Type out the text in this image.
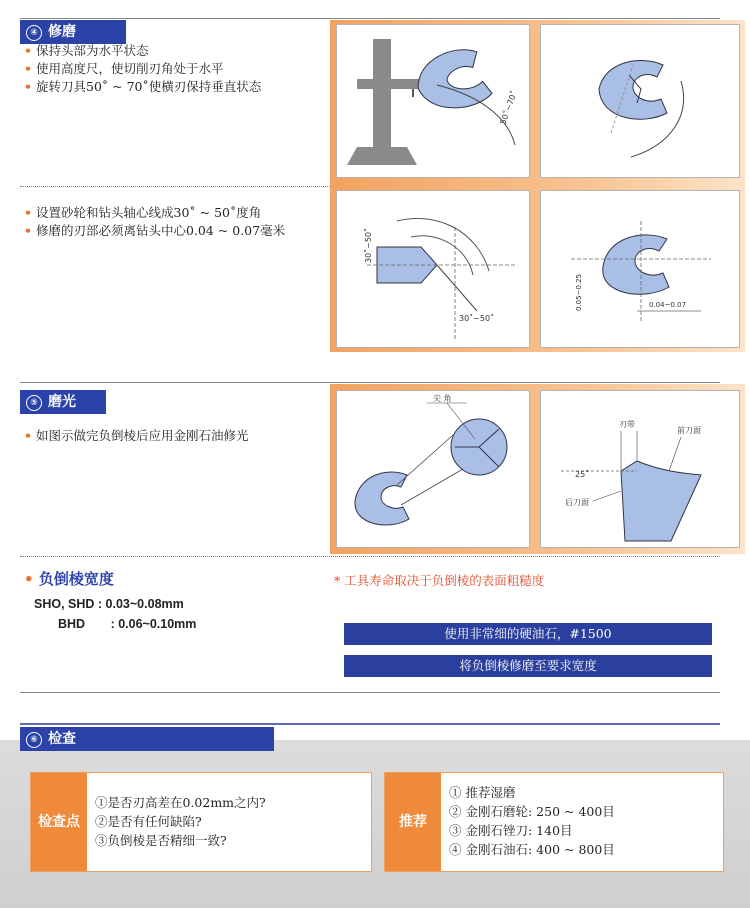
④ 修磨
• 保持头部为水平状态
• 使用高度尺，使切削刃角处于水平
• 旋转刀具50˚ ~ 70˚使横刃保持垂直状态
• 设置砂轮和钻头轴心线成30˚ ~ 50˚度角
• 修磨的刃部必须离钻头中心0.04 ~ 0.07毫米
50˚~70˚
30˚~50˚
30˚~50˚
0.05~0.25	0.04~0.07
⑤ 磨光
• 如图示做完负倒棱后应用金刚石油修光
尖 角
刃带
前刀面
后刀面
25˚
• 负倒棱宽度
SHO, SHD : 0.03~0.08mm
BHD : 0.06~0.10mm
* 工具寿命取决于负倒棱的表面粗糙度
使用非常细的硬油石，#1500
将负倒棱修磨至要求宽度
⑥ 检查
检查点
①是否刃高差在0.02mm之内?
②是否有任何缺陷?
③负倒棱是否精细一致?
推荐
① 推荐湿磨
② 金刚石磨轮: 250 ~ 400目
③ 金刚石锉刀: 140目
④ 金刚石油石: 400 ~ 800目
